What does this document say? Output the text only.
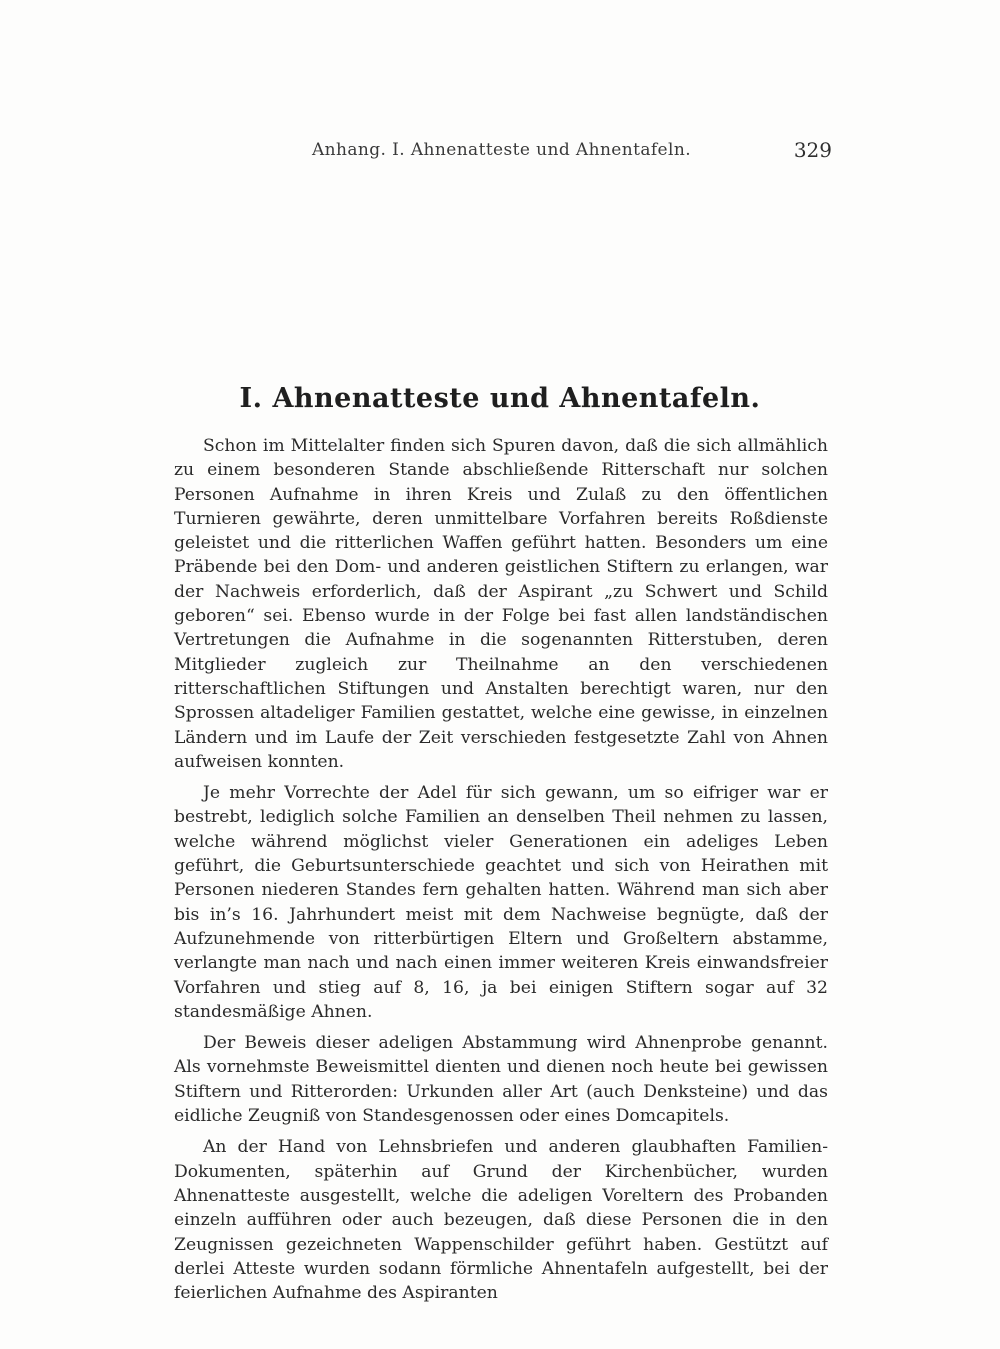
Anhang. I. Ahnenatteste und Ahnentafeln.	329
I. Ahnenatteste und Ahnentafeln.

Schon im Mittelalter finden sich Spuren davon, daß die sich allmählich zu einem besonderen Stande abschließende Ritterschaft nur solchen Personen Aufnahme in ihren Kreis und Zulaß zu den öffentlichen Turnieren gewährte, deren unmittelbare Vorfahren bereits Roßdienste geleistet und die ritterlichen Waffen geführt hatten. Besonders um eine Präbende bei den Dom- und anderen geistlichen Stiftern zu erlangen, war der Nachweis erforderlich, daß der Aspirant „zu Schwert und Schild geboren“ sei. Ebenso wurde in der Folge bei fast allen landständischen Vertretungen die Aufnahme in die sogenannten Ritterstuben, deren Mitglieder zugleich zur Theilnahme an den verschiedenen ritterschaftlichen Stiftungen und Anstalten berechtigt waren, nur den Sprossen altadeliger Familien gestattet, welche eine gewisse, in einzelnen Ländern und im Laufe der Zeit verschieden festgesetzte Zahl von Ahnen aufweisen konnten.

Je mehr Vorrechte der Adel für sich gewann, um so eifriger war er bestrebt, lediglich solche Familien an denselben Theil nehmen zu lassen, welche während möglichst vieler Generationen ein adeliges Leben geführt, die Geburtsunterschiede geachtet und sich von Heirathen mit Personen niederen Standes fern gehalten hatten. Während man sich aber bis in’s 16. Jahrhundert meist mit dem Nachweise begnügte, daß der Aufzunehmende von ritterbürtigen Eltern und Großeltern abstamme, verlangte man nach und nach einen immer weiteren Kreis einwandsfreier Vorfahren und stieg auf 8, 16, ja bei einigen Stiftern sogar auf 32 standesmäßige Ahnen.

Der Beweis dieser adeligen Abstammung wird Ahnenprobe genannt. Als vornehmste Beweismittel dienten und dienen noch heute bei gewissen Stiftern und Ritterorden: Urkunden aller Art (auch Denksteine) und das eidliche Zeugniß von Standesgenossen oder eines Domcapitels.

An der Hand von Lehnsbriefen und anderen glaubhaften Familien-Dokumenten, späterhin auf Grund der Kirchenbücher, wurden Ahnenatteste ausgestellt, welche die adeligen Voreltern des Probanden einzeln aufführen oder auch bezeugen, daß diese Personen die in den Zeugnissen gezeichneten Wappenschilder geführt haben. Gestützt auf derlei Atteste wurden sodann förmliche Ahnentafeln aufgestellt, bei der feierlichen Aufnahme des Aspiranten
